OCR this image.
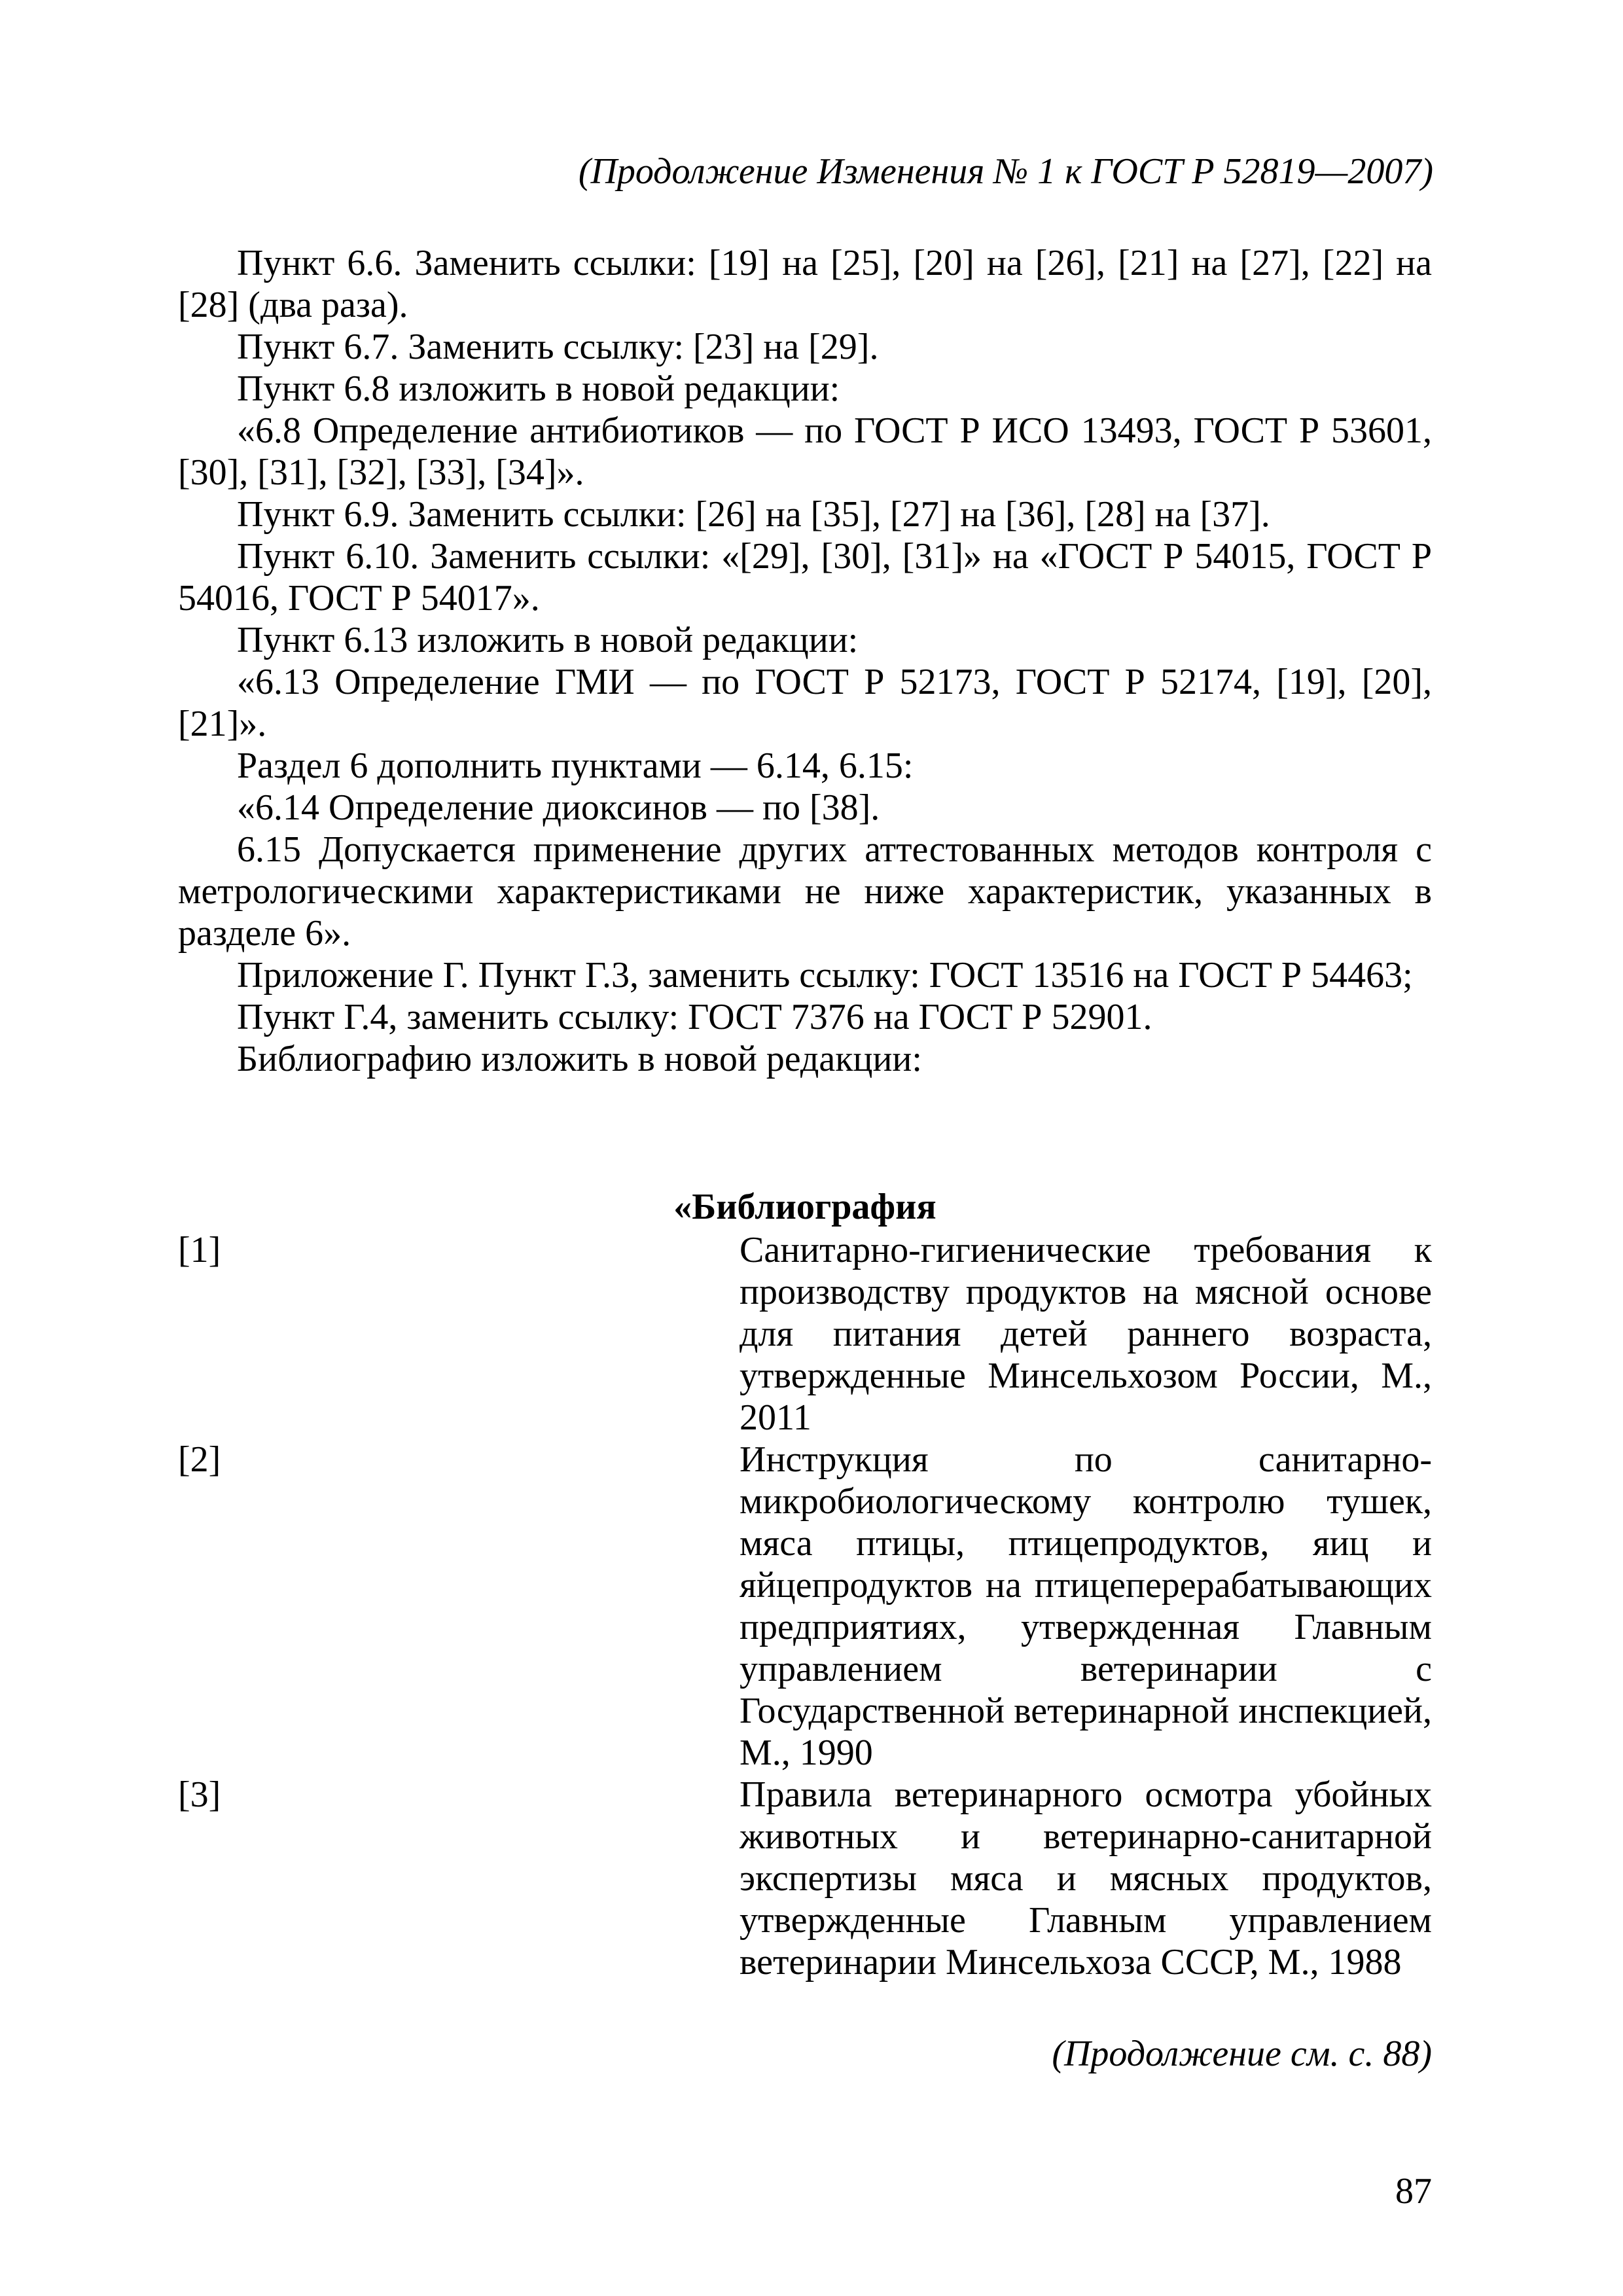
(Продолжение Изменения № 1 к ГОСТ Р 52819—2007)

Пункт 6.6. Заменить ссылки: [19] на [25], [20] на [26], [21] на [27], [22] на [28] (два раза).

Пункт 6.7. Заменить ссылку: [23] на [29].

Пункт 6.8 изложить в новой редакции:

«6.8 Определение антибиотиков — по ГОСТ Р ИСО 13493, ГОСТ Р 53601, [30], [31], [32], [33], [34]».

Пункт 6.9. Заменить ссылки: [26] на [35], [27] на [36], [28] на [37].

Пункт 6.10. Заменить ссылки: «[29], [30], [31]» на «ГОСТ Р 54015, ГОСТ Р 54016, ГОСТ Р 54017».

Пункт 6.13 изложить в новой редакции:

«6.13 Определение ГМИ — по ГОСТ Р 52173, ГОСТ Р 52174, [19], [20], [21]».

Раздел 6 дополнить пунктами — 6.14, 6.15:

«6.14 Определение диоксинов — по [38].

6.15 Допускается применение других аттестованных методов контроля с метрологическими характеристиками не ниже характеристик, указанных в разделе 6».

Приложение Г. Пункт Г.3, заменить ссылку: ГОСТ 13516 на ГОСТ Р 54463;

Пункт Г.4, заменить ссылку: ГОСТ 7376 на ГОСТ Р 52901.

Библиографию изложить в новой редакции:

«Библиография

[1]	Санитарно-гигиенические требования к производству продуктов на мясной основе для питания детей раннего возраста, утвержденные Минсельхозом России, М., 2011
[2]	Инструкция по санитарно-микробиологическому контролю тушек, мяса птицы, птицепродуктов, яиц и яйцепродуктов на птицеперерабатывающих предприятиях, утвержденная Главным управлением ветеринарии с Государственной ветеринарной инспекцией, М., 1990
[3]	Правила ветеринарного осмотра убойных животных и ветеринарно-санитарной экспертизы мяса и мясных продуктов, утвержденные Главным управлением ветеринарии Минсельхоза СССР, М., 1988
(Продолжение см. с. 88)
87
